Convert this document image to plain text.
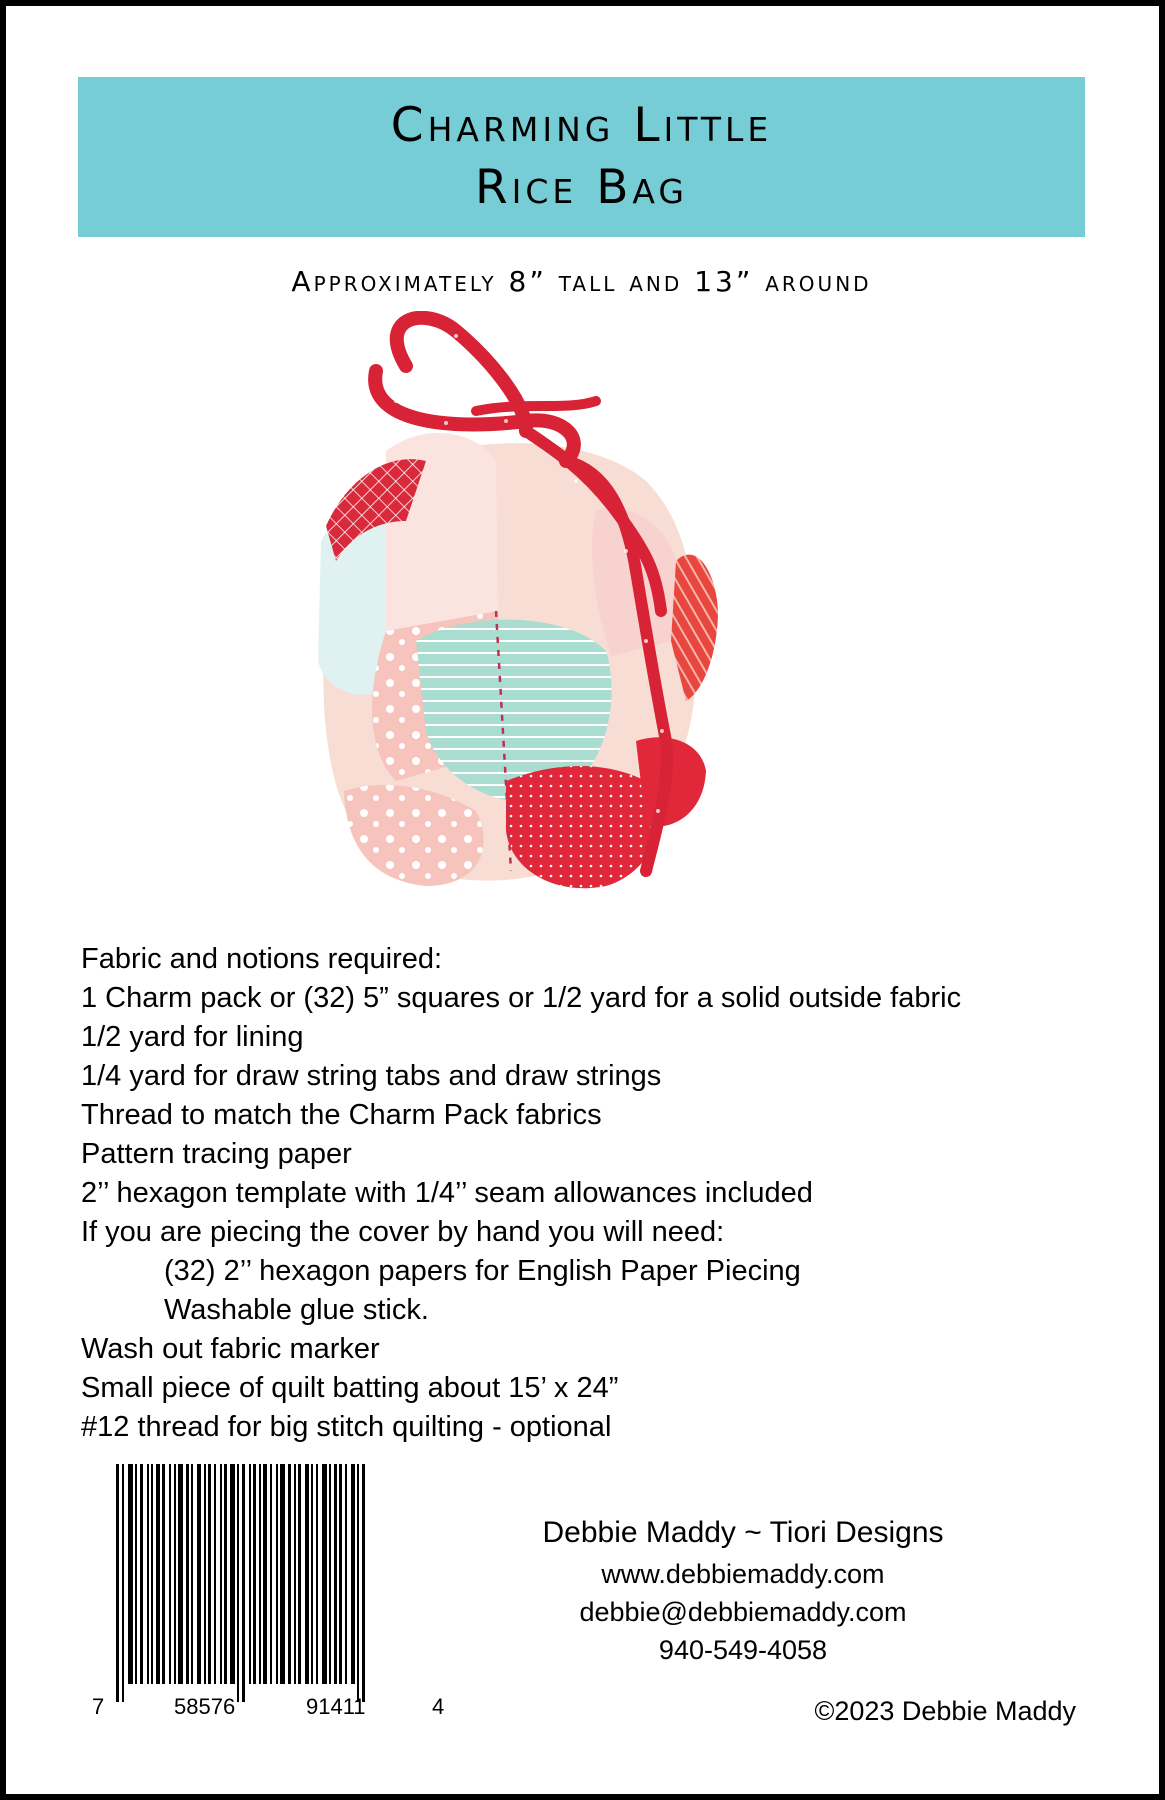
Charming Little
Rice Bag
Approximately 8” tall and 13” around
Fabric and notions required:
1 Charm pack or (32) 5” squares or 1/2 yard for a solid outside fabric
1/2 yard for lining
1/4 yard for draw string tabs and draw strings
Thread to match the Charm Pack fabrics
Pattern tracing paper
2’’ hexagon template with 1/4’’ seam allowances included
If you are piecing the cover by hand you will need:
(32) 2’’ hexagon papers for English Paper Piecing
Washable glue stick.
Wash out fabric marker
Small piece of quilt batting about 15’ x 24”
#12 thread for big stitch quilting - optional
7	58576	91411	4
Debbie Maddy ~ Tiori Designs
www.debbiemaddy.com
debbie@debbiemaddy.com
940-549-4058
©2023 Debbie Maddy
